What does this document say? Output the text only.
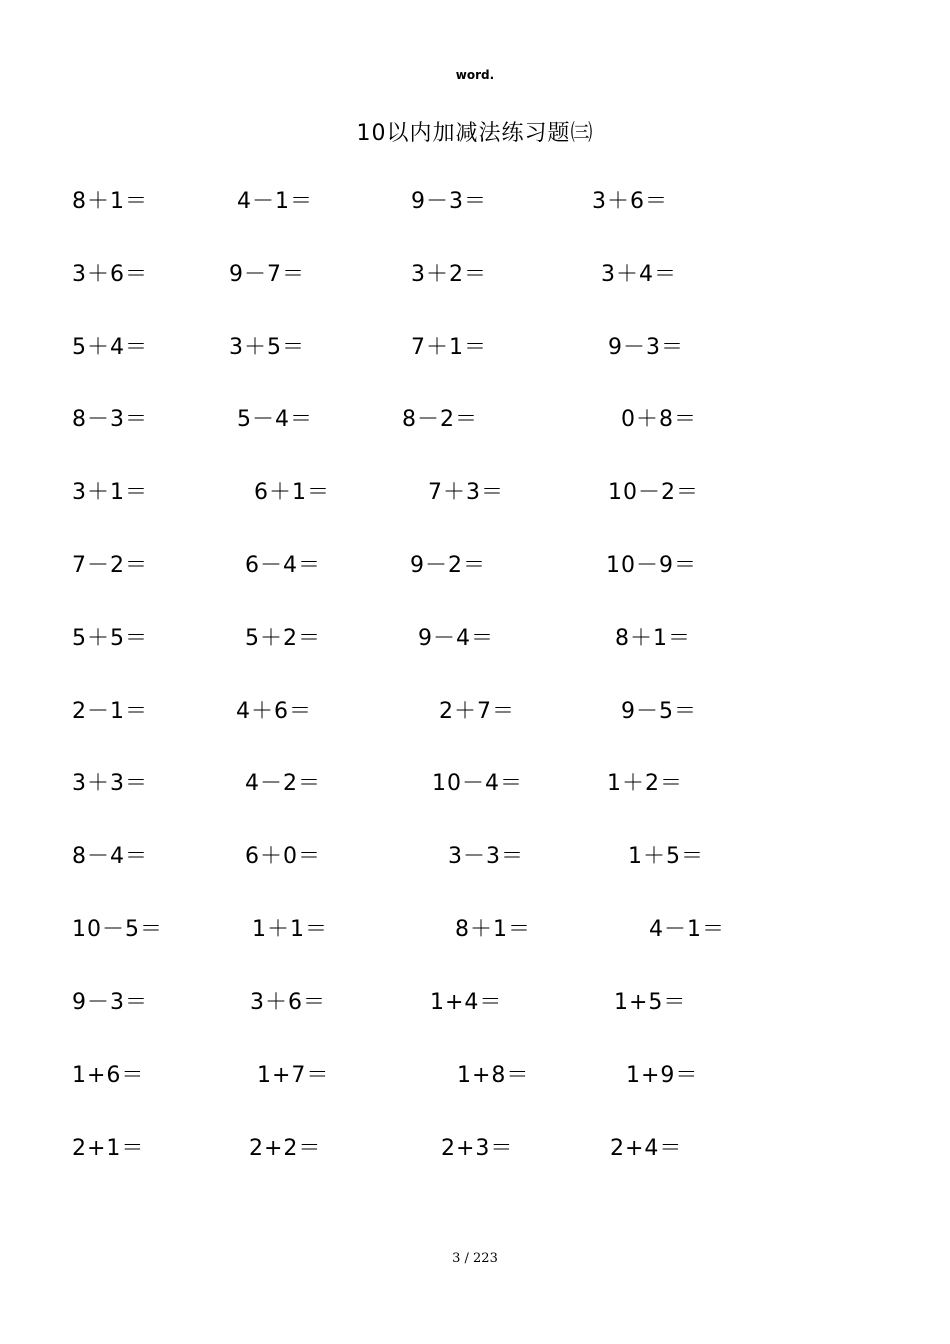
word.
10以内加减法练习题㈢
8＋1＝	4－1＝	9－3＝	3＋6＝
3＋6＝	9－7＝	3＋2＝	3＋4＝
5＋4＝	3＋5＝	7＋1＝	9－3＝
8－3＝	5－4＝	8－2＝	0＋8＝
3＋1＝	6＋1＝	7＋3＝	10－2＝
7－2＝	6－4＝	9－2＝	10－9＝
5＋5＝	5＋2＝	9－4＝	8＋1＝
2－1＝	4＋6＝	2＋7＝	9－5＝
3＋3＝	4－2＝	10－4＝	1＋2＝
8－4＝	6＋0＝	3－3＝	1＋5＝
10－5＝	1＋1＝	8＋1＝	4－1＝
9－3＝	3＋6＝	1+4＝	1+5＝
1+6＝	1+7＝	1+8＝	1+9＝
2+1＝	2+2＝	2+3＝	2+4＝
3 / 223
